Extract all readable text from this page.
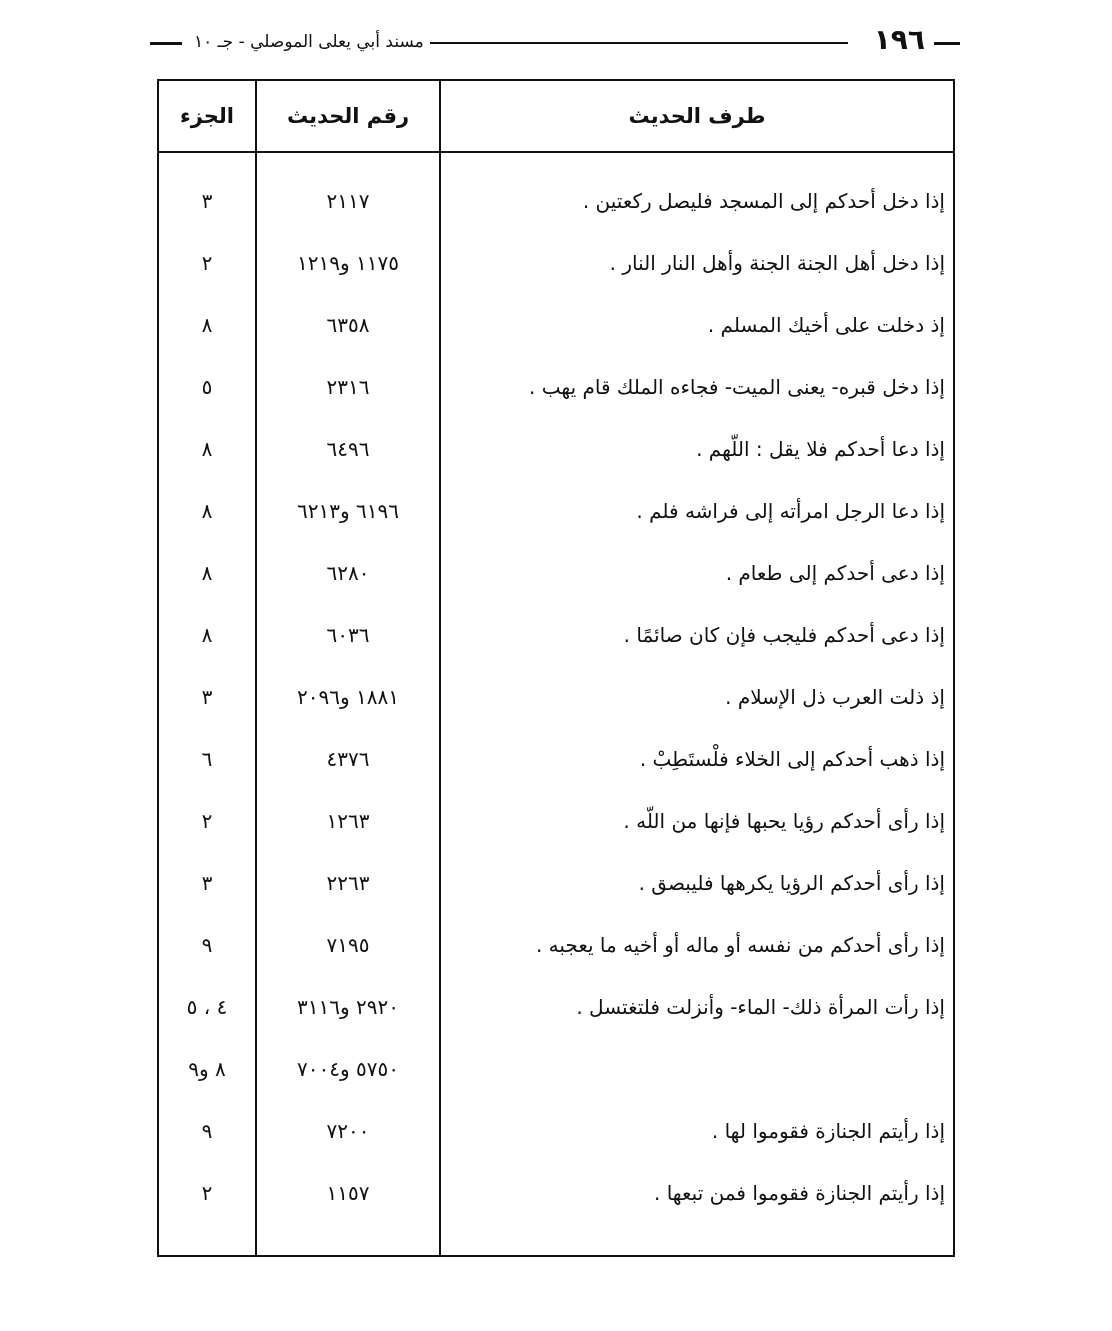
١٩٦
مسند أبي يعلى الموصلي - جـ ١٠
طرف الحديث
رقم الحديث
الجزء
إذا دخل أحدكم إلى المسجد فليصل ركعتين .
٢١١٧
٣
إذا دخل أهل الجنة الجنة وأهل النار النار .
١١٧٥ و١٢١٩
٢
إذ دخلت على أخيك المسلم .
٦٣٥٨
٨
إذا دخل قبره- يعنى الميت- فجاءه الملك قام يهب .
٢٣١٦
٥
إذا دعا أحدكم فلا يقل : اللّهم .
٦٤٩٦
٨
إذا دعا الرجل امرأته إلى فراشه فلم .
٦١٩٦ و٦٢١٣
٨
إذا دعى أحدكم إلى طعام .
٦٢٨٠
٨
إذا دعى أحدكم فليجب فإن كان صائمًا .
٦٠٣٦
٨
إذ ذلت العرب ذل الإسلام .
١٨٨١ و٢٠٩٦
٣
إذا ذهب أحدكم إلى الخلاء فلْستَطِبْ .
٤٣٧٦
٦
إذا رأى أحدكم رؤيا يحبها فإنها من اللّه .
١٢٦٣
٢
إذا رأى أحدكم الرؤيا يكرهها فليبصق .
٢٢٦٣
٣
إذا رأى أحدكم من نفسه أو ماله أو أخيه ما يعجبه .
٧١٩٥
٩
إذا رأت المرأة ذلك- الماء- وأنزلت فلتغتسل .
٢٩٢٠ و٣١١٦
٤ ، ٥
٥٧٥٠ و٧٠٠٤
٨ و٩
إذا رأيتم الجنازة فقوموا لها .
٧٢٠٠
٩
إذا رأيتم الجنازة فقوموا فمن تبعها .
١١٥٧
٢
